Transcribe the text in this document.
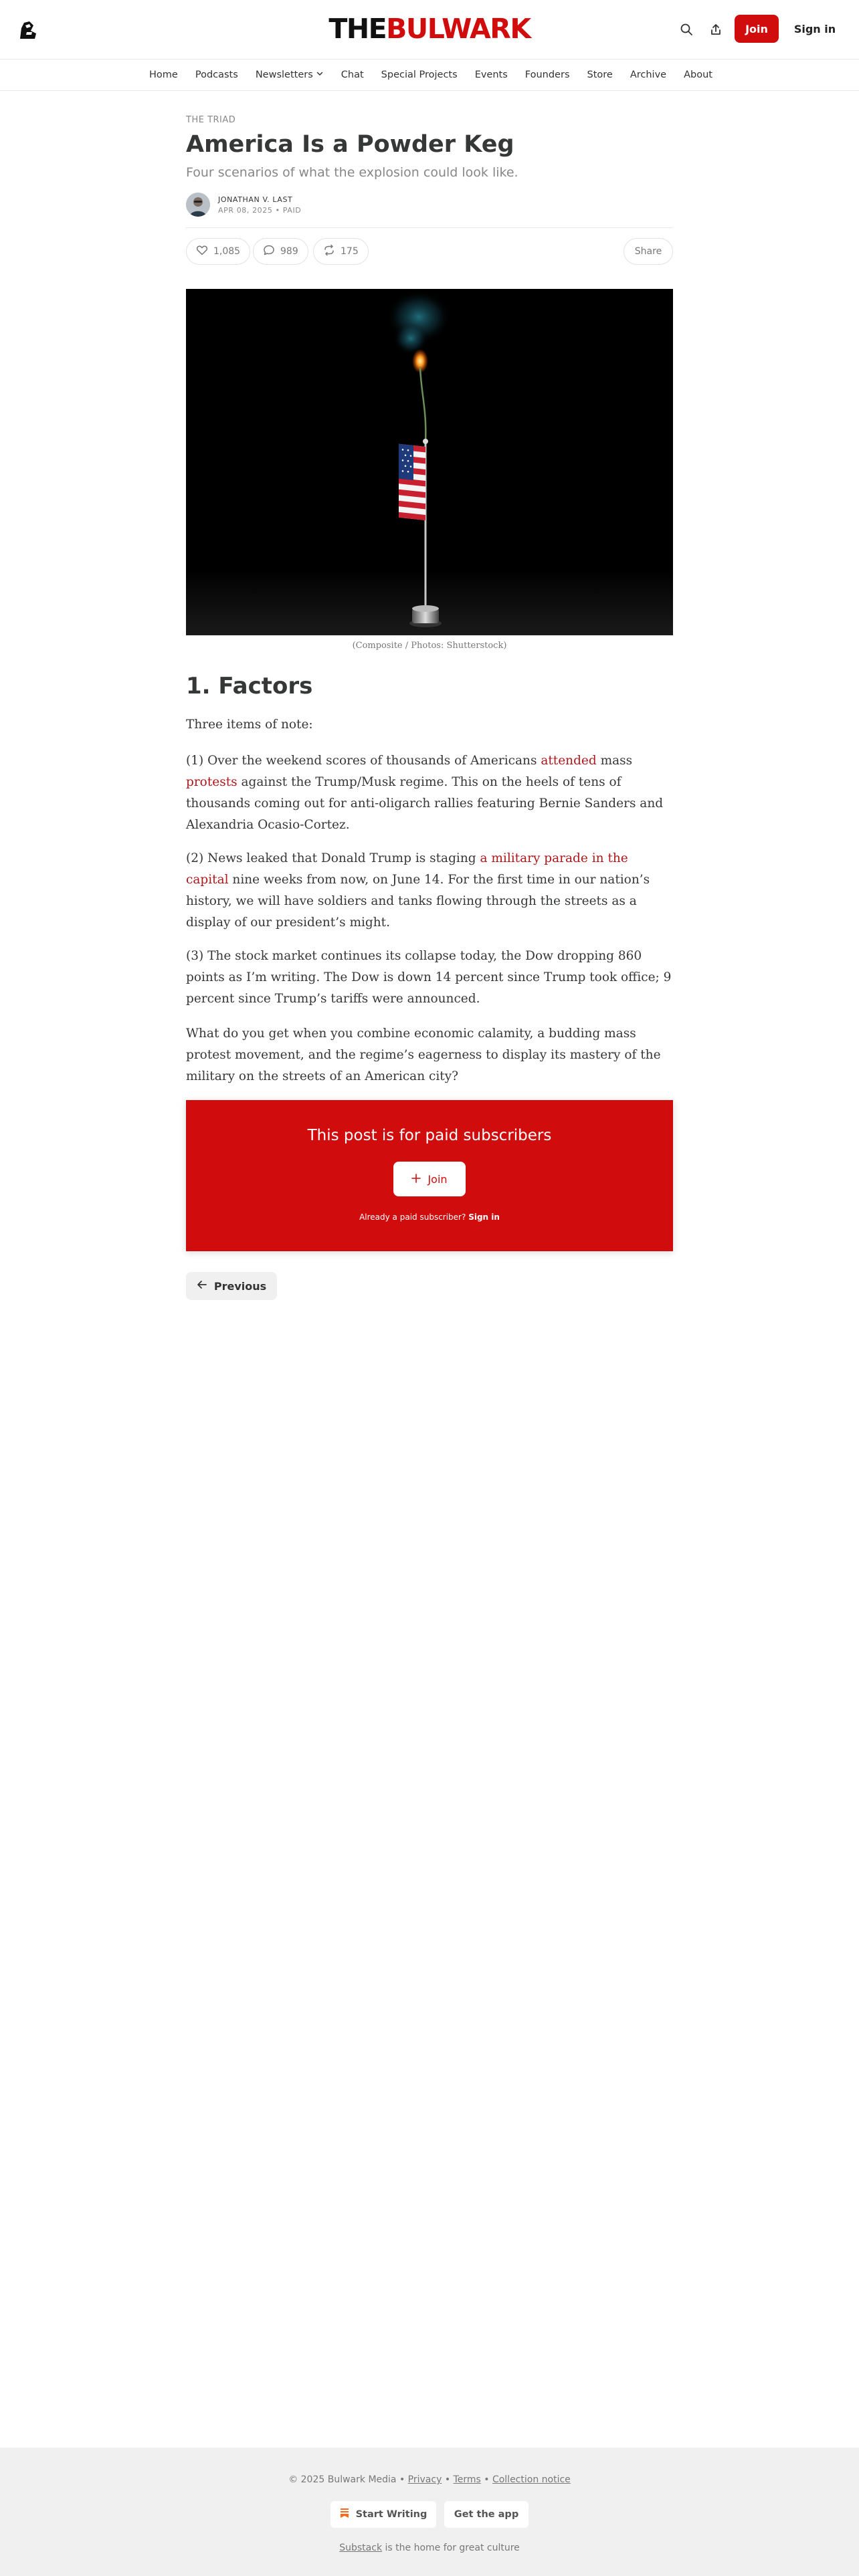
THEBULWARK	Join	Sign in
Home Podcasts Newsletters	Chat Special Projects Events Founders Store Archive About
THE TRIAD
America Is a Powder Keg
Four scenarios of what the explosion could look like.
JONATHAN V. LAST
APR 08, 2025 • PAID
1,085	989	175	Share
(Composite / Photos: Shutterstock)
1. Factors

Three items of note:

(1) Over the weekend scores of thousands of Americans attended mass protests against the Trump/Musk regime. This on the heels of tens of thousands coming out for anti-oligarch rallies featuring Bernie Sanders and Alexandria Ocasio-Cortez.

(2) News leaked that Donald Trump is staging a military parade in the capital nine weeks from now, on June 14. For the first time in our nation’s history, we will have soldiers and tanks flowing through the streets as a display of our president’s might.

(3) The stock market continues its collapse today, the Dow dropping 860 points as I’m writing. The Dow is down 14 percent since Trump took office; 9 percent since Trump’s tariffs were announced.

What do you get when you combine economic calamity, a budding mass protest movement, and the regime’s eagerness to display its mastery of the military on the streets of an American city?

This post is for paid subscribers
Join
Already a paid subscriber? Sign in
Previous
© 2025 Bulwark Media • Privacy • Terms • Collection notice
Start Writing	Get the app
Substack is the home for great culture
